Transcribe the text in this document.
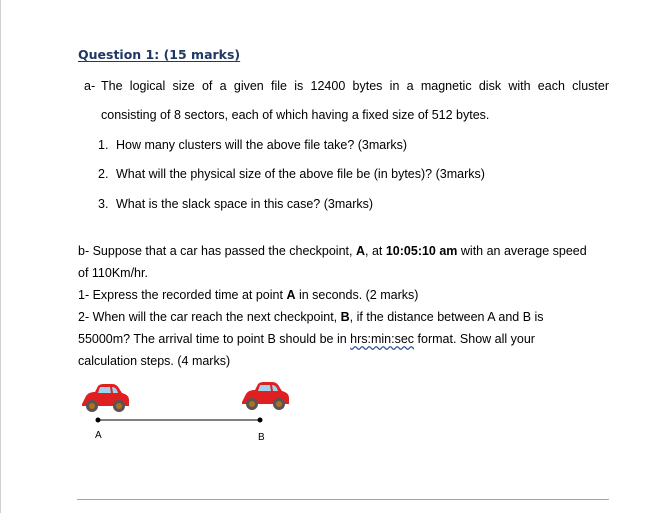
Question 1: (15 marks)
a- The logical size of a given file is 12400 bytes in a magnetic disk with each cluster
consisting of 8 sectors, each of which having a fixed size of 512 bytes.
1. How many clusters will the above file take? (3marks)
2. What will the physical size of the above file be (in bytes)? (3marks)
3. What is the slack space in this case? (3marks)
b- Suppose that a car has passed the checkpoint, A, at 10:05:10 am with an average speed
of 110Km/hr.
1- Express the recorded time at point A in seconds. (2 marks)
2- When will the car reach the next checkpoint, B, if the distance between A and B is
55000m? The arrival time to point B should be in hrs:min:sec format. Show all your
calculation steps. (4 marks)
A	B
